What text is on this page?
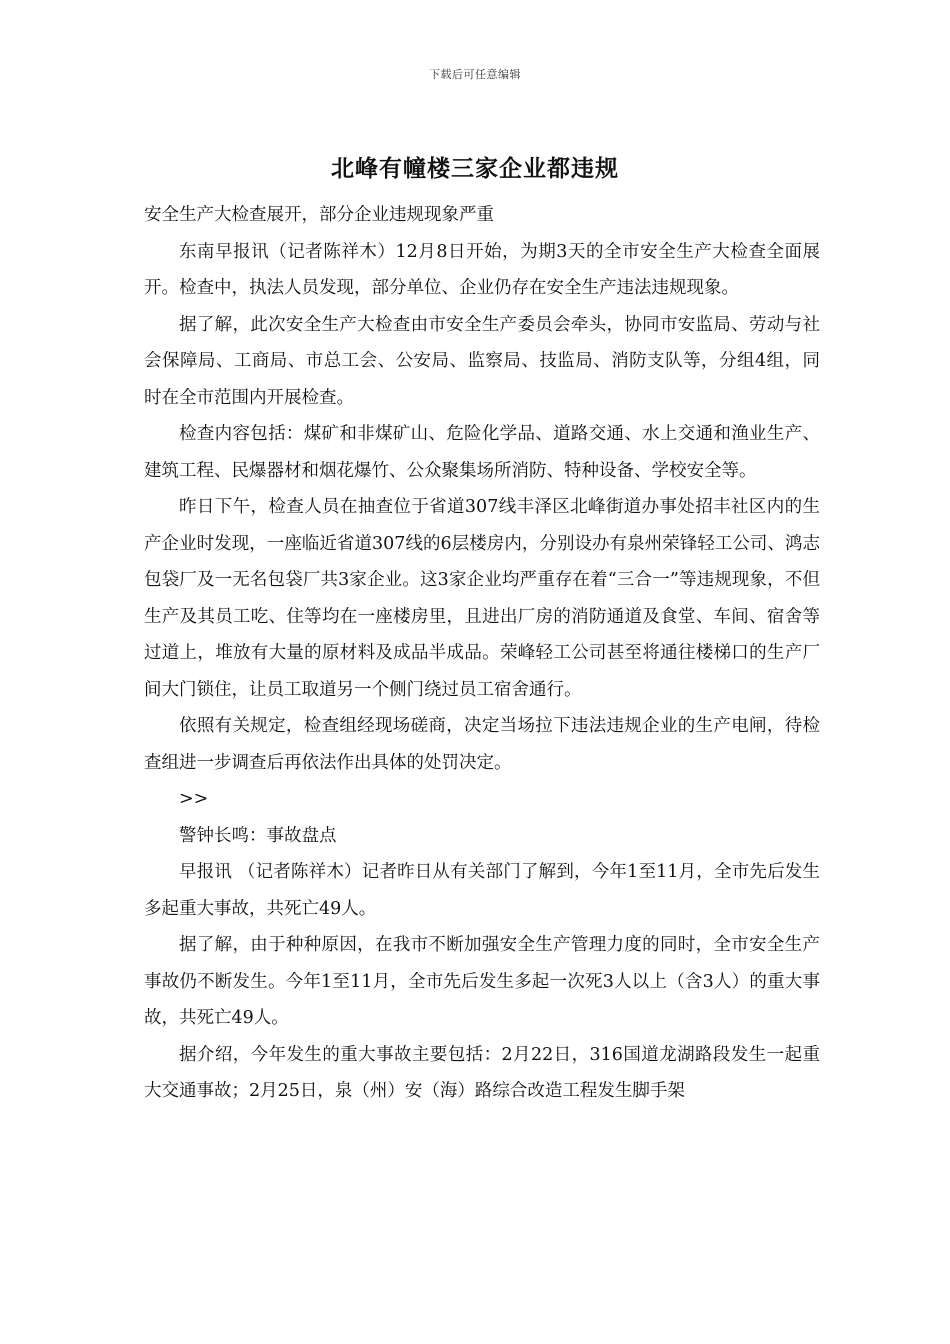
下载后可任意编辑
北峰有幢楼三家企业都违规

安全生产大检查展开，部分企业违规现象严重

东南早报讯（记者陈祥木）12月8日开始，为期3天的全市安全生产大检查全面展开。检查中，执法人员发现，部分单位、企业仍存在安全生产违法违规现象。

据了解，此次安全生产大检查由市安全生产委员会牵头，协同市安监局、劳动与社会保障局、工商局、市总工会、公安局、监察局、技监局、消防支队等，分组4组，同时在全市范围内开展检查。

检查内容包括：煤矿和非煤矿山、危险化学品、道路交通、水上交通和渔业生产、建筑工程、民爆器材和烟花爆竹、公众聚集场所消防、特种设备、学校安全等。

昨日下午，检查人员在抽查位于省道307线丰泽区北峰街道办事处招丰社区内的生产企业时发现，一座临近省道307线的6层楼房内，分别设办有泉州荣锋轻工公司、鸿志包袋厂及一无名包袋厂共3家企业。这3家企业均严重存在着“三合一”等违规现象，不但生产及其员工吃、住等均在一座楼房里，且进出厂房的消防通道及食堂、车间、宿舍等过道上，堆放有大量的原材料及成品半成品。荣峰轻工公司甚至将通往楼梯口的生产厂间大门锁住，让员工取道另一个侧门绕过员工宿舍通行。

依照有关规定，检查组经现场磋商，决定当场拉下违法违规企业的生产电闸，待检查组进一步调查后再依法作出具体的处罚决定。

>>

警钟长鸣：事故盘点

早报讯 （记者陈祥木）记者昨日从有关部门了解到，今年1至11月，全市先后发生多起重大事故，共死亡49人。

据了解，由于种种原因，在我市不断加强安全生产管理力度的同时，全市安全生产事故仍不断发生。今年1至11月，全市先后发生多起一次死3人以上（含3人）的重大事故，共死亡49人。

据介绍，今年发生的重大事故主要包括：2月22日，316国道龙湖路段发生一起重大交通事故；2月25日，泉（州）安（海）路综合改造工程发生脚手架
